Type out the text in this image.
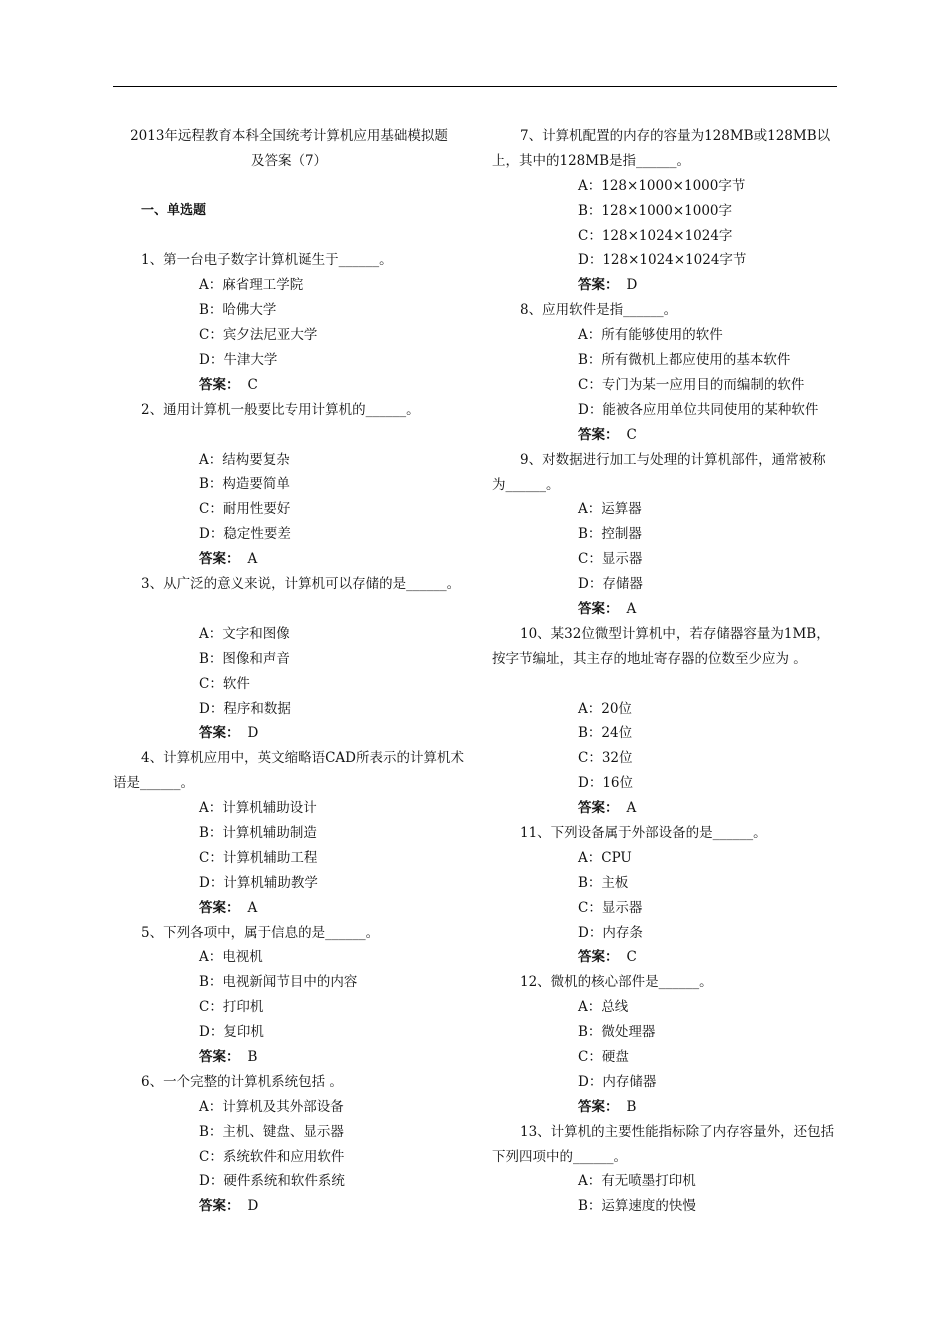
2013年远程教育本科全国统考计算机应用基础模拟题
及答案（7）
一、单选题
1、第一台电子数字计算机诞生于______。
A：麻省理工学院
B：哈佛大学
C：宾夕法尼亚大学
D：牛津大学
答案： C
2、通用计算机一般要比专用计算机的______。
A：结构要复杂
B：构造要简单
C：耐用性要好
D：稳定性要差
答案： A
3、从广泛的意义来说，计算机可以存储的是______。
A：文字和图像
B：图像和声音
C：软件
D：程序和数据
答案： D
4、计算机应用中，英文缩略语CAD所表示的计算机术语是______。
A：计算机辅助设计
B：计算机辅助制造
C：计算机辅助工程
D：计算机辅助教学
答案： A
5、下列各项中，属于信息的是______。
A：电视机
B：电视新闻节目中的内容
C：打印机
D：复印机
答案： B
6、一个完整的计算机系统包括 。
A：计算机及其外部设备
B：主机、键盘、显示器
C：系统软件和应用软件
D：硬件系统和软件系统
答案： D
7、计算机配置的内存的容量为128MB或128MB以上，其中的128MB是指______。
A：128×1000×1000字节
B：128×1000×1000字
C：128×1024×1024字
D：128×1024×1024字节
答案： D
8、应用软件是指______。
A：所有能够使用的软件
B：所有微机上都应使用的基本软件
C：专门为某一应用目的而编制的软件
D：能被各应用单位共同使用的某种软件
答案： C
9、对数据进行加工与处理的计算机部件，通常被称为______。
A：运算器
B：控制器
C：显示器
D：存储器
答案： A
10、某32位微型计算机中，若存储器容量为1MB，按字节编址，其主存的地址寄存器的位数至少应为 。
A：20位
B：24位
C：32位
D：16位
答案： A
11、下列设备属于外部设备的是______。
A：CPU
B：主板
C：显示器
D：内存条
答案： C
12、微机的核心部件是______。
A：总线
B：微处理器
C：硬盘
D：内存储器
答案： B
13、计算机的主要性能指标除了内存容量外，还包括下列四项中的______。
A：有无喷墨打印机
B：运算速度的快慢
